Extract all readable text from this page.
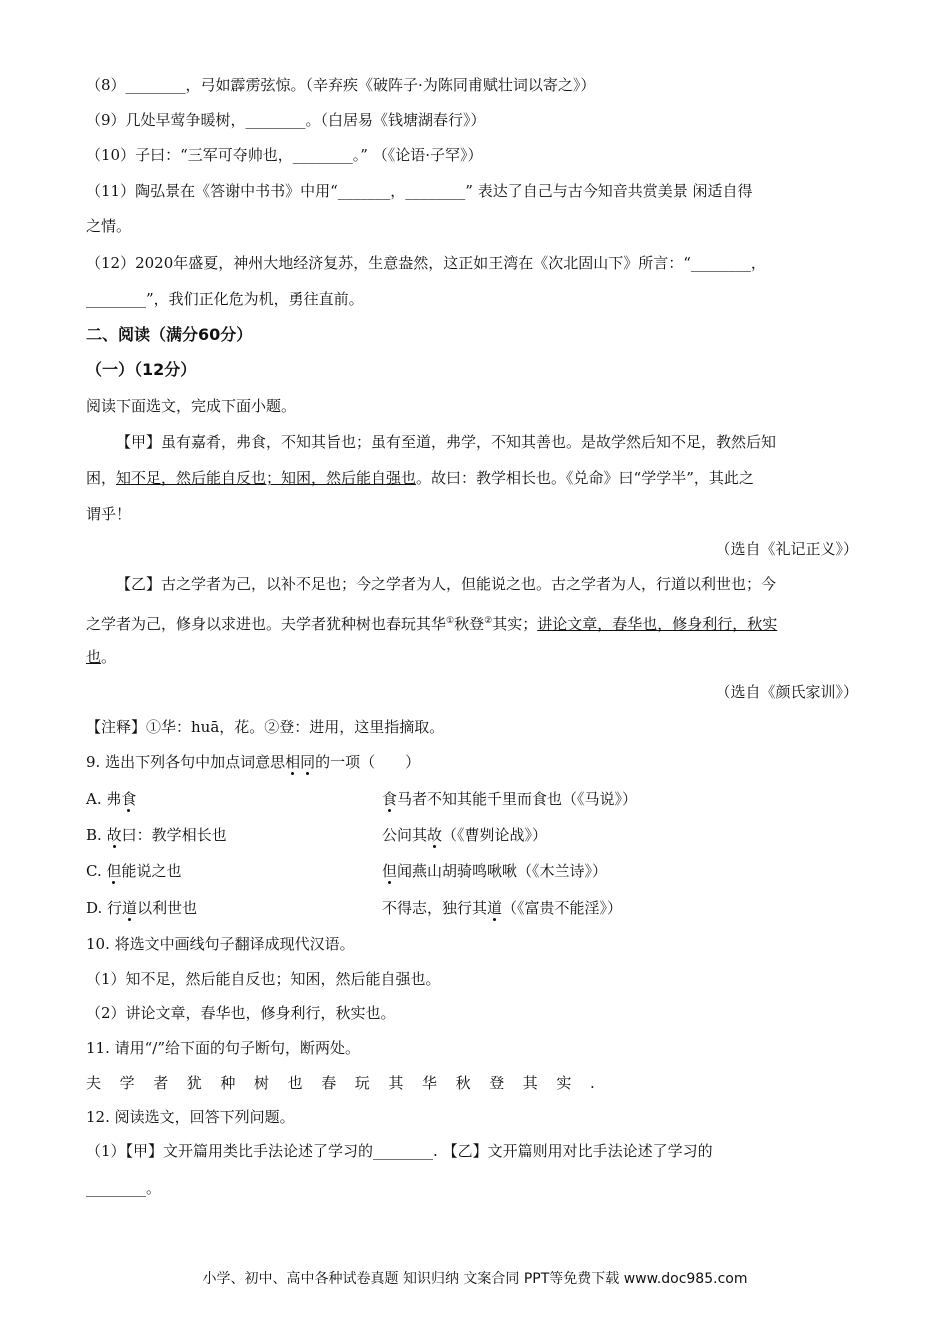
（8）________，弓如霹雳弦惊。（辛弃疾《破阵子·为陈同甫赋壮词以寄之》）
（9）几处早莺争暖树，________。（白居易《钱塘湖春行》）
（10）子曰：“三军可夺帅也，________。” （《论语·子罕》）
（11）陶弘景在《答谢中书书》中用“_______，________” 表达了自己与古今知音共赏美景 闲适自得
之情。
（12）2020年盛夏，神州大地经济复苏，生意盎然，这正如王湾在《次北固山下》所言：“________，
________”，我们正化危为机，勇往直前。
二、阅读（满分60分）
（一）（12分）
阅读下面选文，完成下面小题。
【甲】虽有嘉肴，弗食，不知其旨也；虽有至道，弗学，不知其善也。是故学然后知不足，教然后知
困，知不足，然后能自反也；知困，然后能自强也。故曰：教学相长也。《兑命》曰“学学半”，其此之
谓乎！
（选自《礼记正义》）
【乙】古之学者为己，以补不足也；今之学者为人，但能说之也。古之学者为人，行道以利世也；今
之学者为己，修身以求进也。夫学者犹种树也春玩其华①秋登②其实；讲论文章，春华也，修身利行，秋实
也。
（选自《颜氏家训》）
【注释】①华：huā，花。②登：进用，这里指摘取。
9. 选出下列各句中加点词意思相同的一项（　　）
A. 弗食	食马者不知其能千里而食也（《马说》）
B. 故曰：教学相长也	公问其故（《曹刿论战》）
C. 但能说之也	但闻燕山胡骑鸣啾啾（《木兰诗》）
D. 行道以利世也	不得志，独行其道（《富贵不能淫》）
10. 将选文中画线句子翻译成现代汉语。
（1）知不足，然后能自反也；知困，然后能自强也。
（2）讲论文章，春华也，修身利行，秋实也。
11. 请用“/”给下面的句子断句，断两处。
夫学者犹种树也春玩其华秋登其实.
12. 阅读选文，回答下列问题。
（1）【甲】文开篇用类比手法论述了学习的________. 【乙】文开篇则用对比手法论述了学习的
________。
小学、初中、高中各种试卷真题 知识归纳 文案合同 PPT等免费下载 www.doc985.com
